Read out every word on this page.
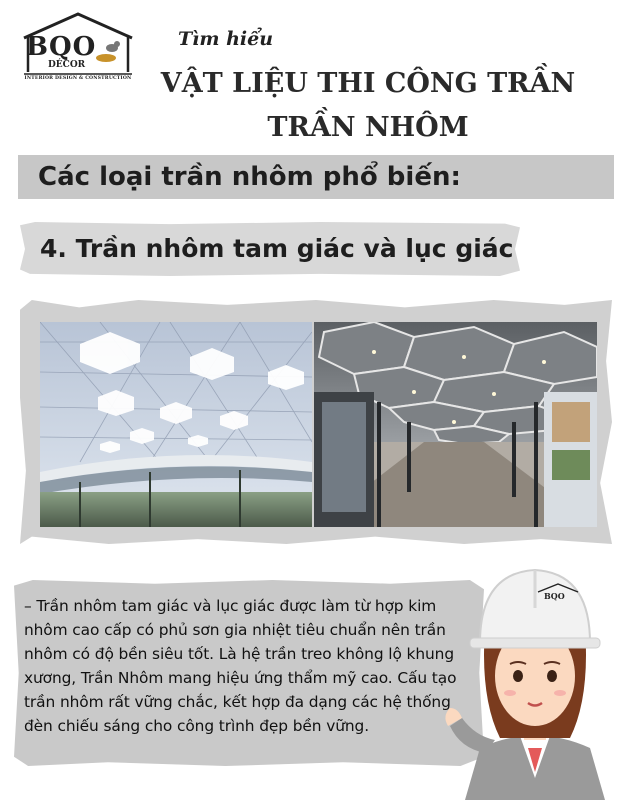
BQO
DÉCOR
INTERIOR DESIGN & CONSTRUCTION
Tìm hiểu
VẬT LIỆU THI CÔNG TRẦN
TRẦN NHÔM
Các loại trần nhôm phổ biến:
4. Trần nhôm tam giác và lục giác
– Trần nhôm tam giác và lục giác được làm từ hợp kim nhôm cao cấp có phủ sơn gia nhiệt tiêu chuẩn nên trần nhôm có độ bền siêu tốt. Là hệ trần treo không lộ khung xương, Trần Nhôm mang hiệu ứng thẩm mỹ cao. Cấu tạo trần nhôm rất vững chắc, kết hợp đa dạng các hệ thống đèn chiếu sáng cho công trình đẹp bền vững.
BQO
